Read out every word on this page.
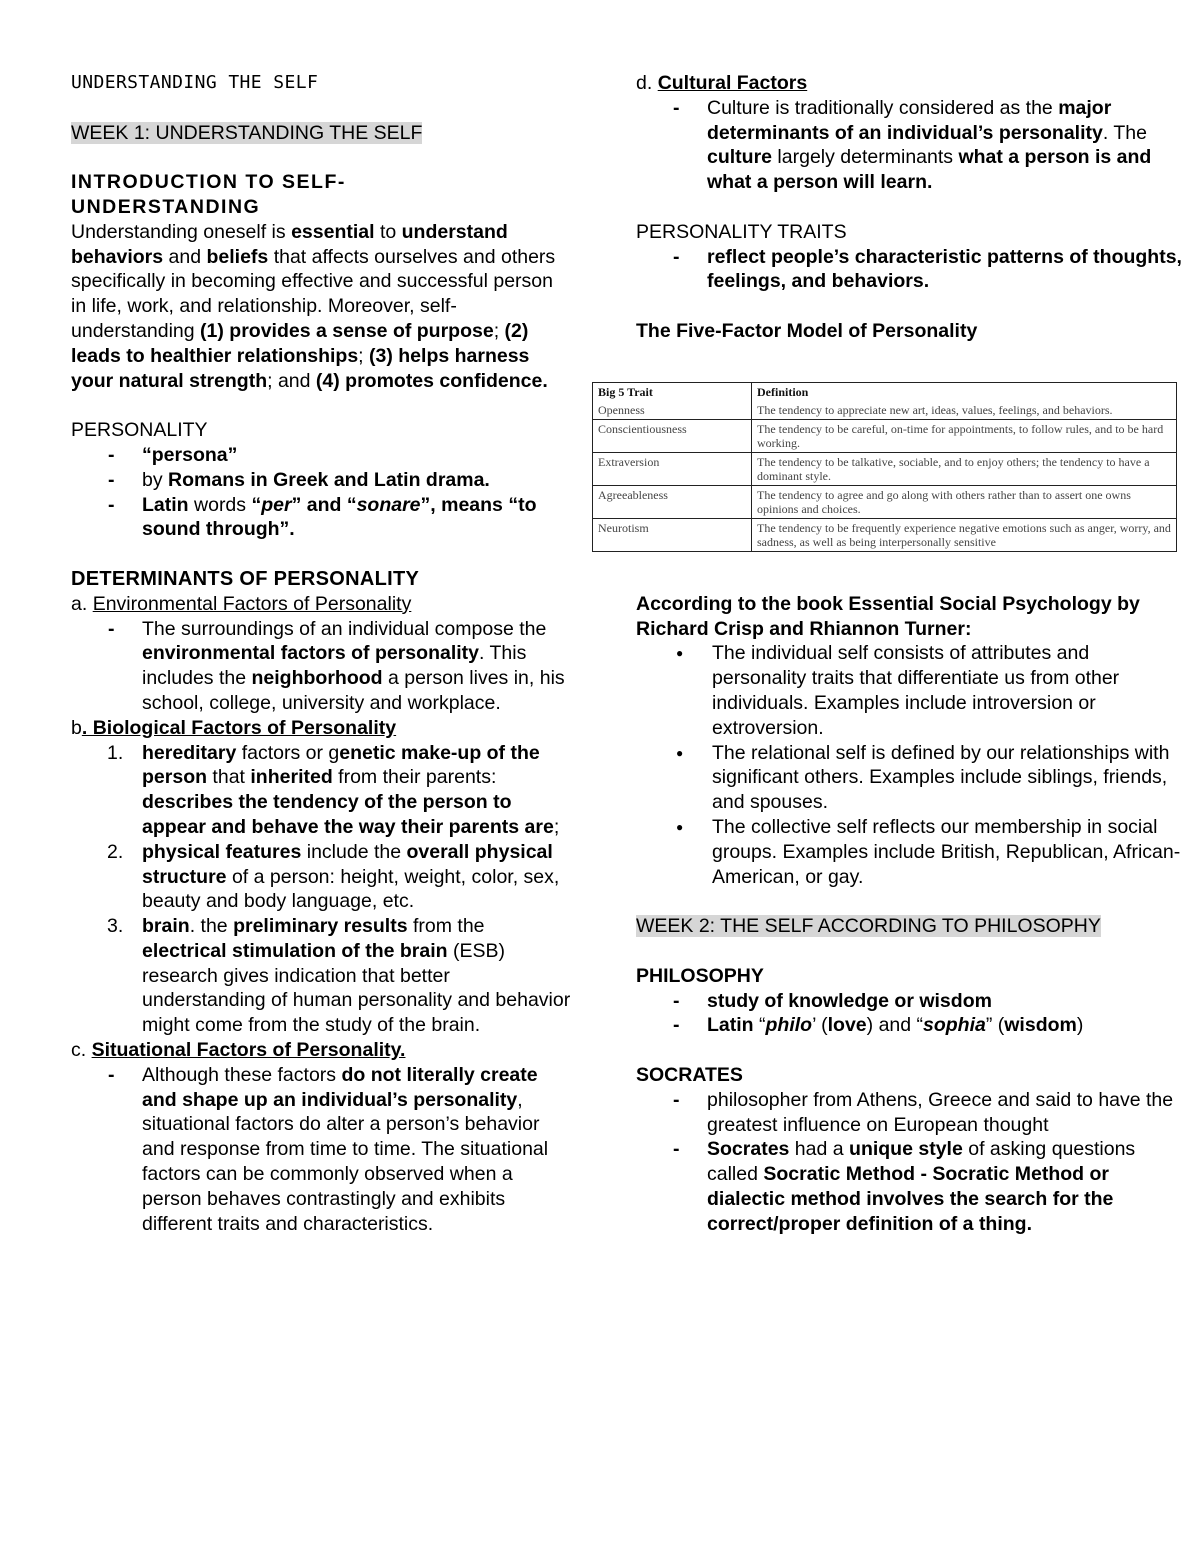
UNDERSTANDING THE SELF

WEEK 1: UNDERSTANDING THE SELF

INTRODUCTION TO SELF-
UNDERSTANDING

Understanding oneself is essential to understand behaviors and beliefs that affects ourselves and others specifically in becoming effective and successful person in life, work, and relationship. Moreover, self-understanding (1) provides a sense of purpose; (2) leads to healthier relationships; (3) helps harness your natural strength; and (4) promotes confidence.

PERSONALITY

- “persona”
- by Romans in Greek and Latin drama.
- Latin words “per” and “sonare”, means “to sound through”.

DETERMINANTS OF PERSONALITY

a. Environmental Factors of Personality

- The surroundings of an individual compose the environmental factors of personality. This includes the neighborhood a person lives in, his school, college, university and workplace.

b. Biological Factors of Personality

1. hereditary factors or genetic make-up of the person that inherited from their parents: describes the tendency of the person to appear and behave the way their parents are;
2. physical features include the overall physical structure of a person: height, weight, color, sex, beauty and body language, etc.
3. brain. the preliminary results from the electrical stimulation of the brain (ESB) research gives indication that better understanding of human personality and behavior might come from the study of the brain.

c. Situational Factors of Personality.

- Although these factors do not literally create and shape up an individual’s personality, situational factors do alter a person’s behavior and response from time to time. The situational factors can be commonly observed when a person behaves contrastingly and exhibits different traits and characteristics.

d. Cultural Factors

- Culture is traditionally considered as the major determinants of an individual’s personality. The culture largely determinants what a person is and what a person will learn.

PERSONALITY TRAITS

- reflect people’s characteristic patterns of thoughts, feelings, and behaviors.

The Five-Factor Model of Personality

According to the book Essential Social Psychology by Richard Crisp and Rhiannon Turner:

● The individual self consists of attributes and personality traits that differentiate us from other individuals. Examples include introversion or extroversion.
● The relational self is defined by our relationships with significant others. Examples include siblings, friends, and spouses.
● The collective self reflects our membership in social groups. Examples include British, Republican, African-American, or gay.

WEEK 2: THE SELF ACCORDING TO PHILOSOPHY

PHILOSOPHY

- study of knowledge or wisdom
- Latin “philo’ (love) and “sophia” (wisdom)

SOCRATES

- philosopher from Athens, Greece and said to have the greatest influence on European thought
- Socrates had a unique style of asking questions called Socratic Method - Socratic Method or dialectic method involves the search for the correct/proper definition of a thing.
Big 5 Trait	Definition
Openness	The tendency to appreciate new art, ideas, values, feelings, and behaviors.
Conscientiousness	The tendency to be careful, on-time for appointments, to follow rules, and to be hard working.
Extraversion	The tendency to be talkative, sociable, and to enjoy others; the tendency to have a dominant style.
Agreeableness	The tendency to agree and go along with others rather than to assert one owns opinions and choices.
Neurotism	The tendency to be frequently experience negative emotions such as anger, worry, and sadness, as well as being interpersonally sensitive
